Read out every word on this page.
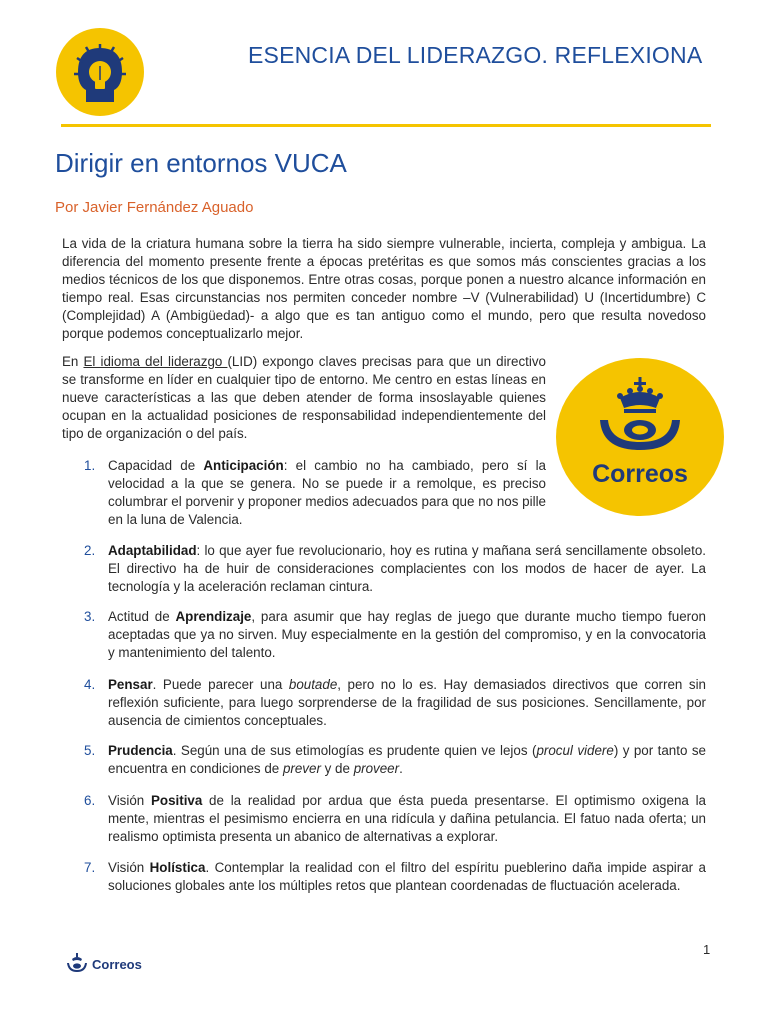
ESENCIA DEL LIDERAZGO. REFLEXIONA
Dirigir en entornos VUCA
Por Javier Fernández Aguado

La vida de la criatura humana sobre la tierra ha sido siempre vulnerable, incierta, compleja y ambigua. La diferencia del momento presente frente a épocas pretéritas es que somos más conscientes gracias a los medios técnicos de los que disponemos. Entre otras cosas, porque ponen a nuestro alcance información en tiempo real. Esas circunstancias nos permiten conceder nombre –V (Vulnerabilidad) U (Incertidumbre) C (Complejidad) A (Ambigüedad)- a algo que es tan antiguo como el mundo, pero que resulta novedoso porque podemos conceptualizarlo mejor.

En El idioma del liderazgo (LID) expongo claves precisas para que un directivo se transforme en líder en cualquier tipo de entorno. Me centro en estas líneas en nueve características a las que deben atender de forma insoslayable quienes ocupan en la actualidad posiciones de responsabilidad independientemente del tipo de organización o del país.

Correos
1. Capacidad de Anticipación: el cambio no ha cambiado, pero sí la velocidad a la que se genera. No se puede ir a remolque, es preciso columbrar el porvenir y proponer medios adecuados para que no nos pille en la luna de Valencia.

2. Adaptabilidad: lo que ayer fue revolucionario, hoy es rutina y mañana será sencillamente obsoleto. El directivo ha de huir de consideraciones complacientes con los modos de hacer de ayer. La tecnología y la aceleración reclaman cintura.

3. Actitud de Aprendizaje, para asumir que hay reglas de juego que durante mucho tiempo fueron aceptadas que ya no sirven. Muy especialmente en la gestión del compromiso, y en la convocatoria y mantenimiento del talento.

4. Pensar. Puede parecer una boutade, pero no lo es. Hay demasiados directivos que corren sin reflexión suficiente, para luego sorprenderse de la fragilidad de sus posiciones. Sencillamente, por ausencia de cimientos conceptuales.

5. Prudencia. Según una de sus etimologías es prudente quien ve lejos (procul videre) y por tanto se encuentra en condiciones de prever y de proveer.

6. Visión Positiva de la realidad por ardua que ésta pueda presentarse. El optimismo oxigena la mente, mientras el pesimismo encierra en una ridícula y dañina petulancia. El fatuo nada oferta; un realismo optimista presenta un abanico de alternativas a explorar.

7. Visión Holística. Contemplar la realidad con el filtro del espíritu pueblerino daña impide aspirar a soluciones globales ante los múltiples retos que plantean coordenadas de fluctuación acelerada.

1
Correos
